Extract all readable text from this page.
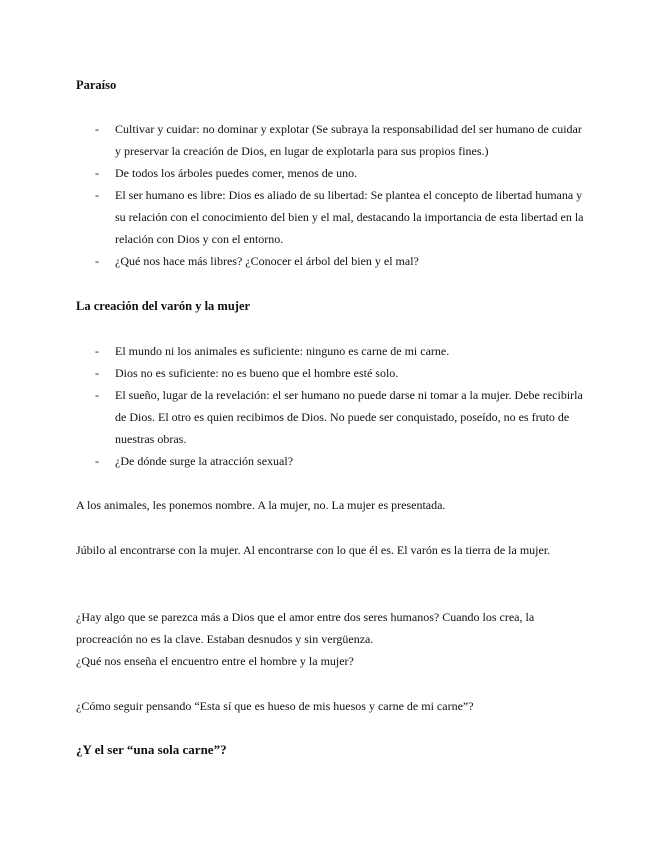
Paraíso
- Cultivar y cuidar: no dominar y explotar (Se subraya la responsabilidad del ser humano de cuidar y preservar la creación de Dios, en lugar de explotarla para sus propios fines.)
- De todos los árboles puedes comer, menos de uno.
- El ser humano es libre: Dios es aliado de su libertad: Se plantea el concepto de libertad humana y su relación con el conocimiento del bien y el mal, destacando la importancia de esta libertad en la relación con Dios y con el entorno.
- ¿Qué nos hace más libres? ¿Conocer el árbol del bien y el mal?
La creación del varón y la mujer
- El mundo ni los animales es suficiente: ninguno es carne de mi carne.
- Dios no es suficiente: no es bueno que el hombre esté solo.
- El sueño, lugar de la revelación: el ser humano no puede darse ni tomar a la mujer. Debe recibirla de Dios. El otro es quien recibimos de Dios. No puede ser conquistado, poseído, no es fruto de nuestras obras.
- ¿De dónde surge la atracción sexual?

A los animales, les ponemos nombre. A la mujer, no. La mujer es presentada.

Júbilo al encontrarse con la mujer. Al encontrarse con lo que él es. El varón es la tierra de la mujer.

¿Hay algo que se parezca más a Dios que el amor entre dos seres humanos? Cuando los crea, la procreación no es la clave. Estaban desnudos y sin vergüenza.

¿Qué nos enseña el encuentro entre el hombre y la mujer?

¿Cómo seguir pensando “Esta sí que es hueso de mis huesos y carne de mi carne”?

¿Y el ser “una sola carne”?
